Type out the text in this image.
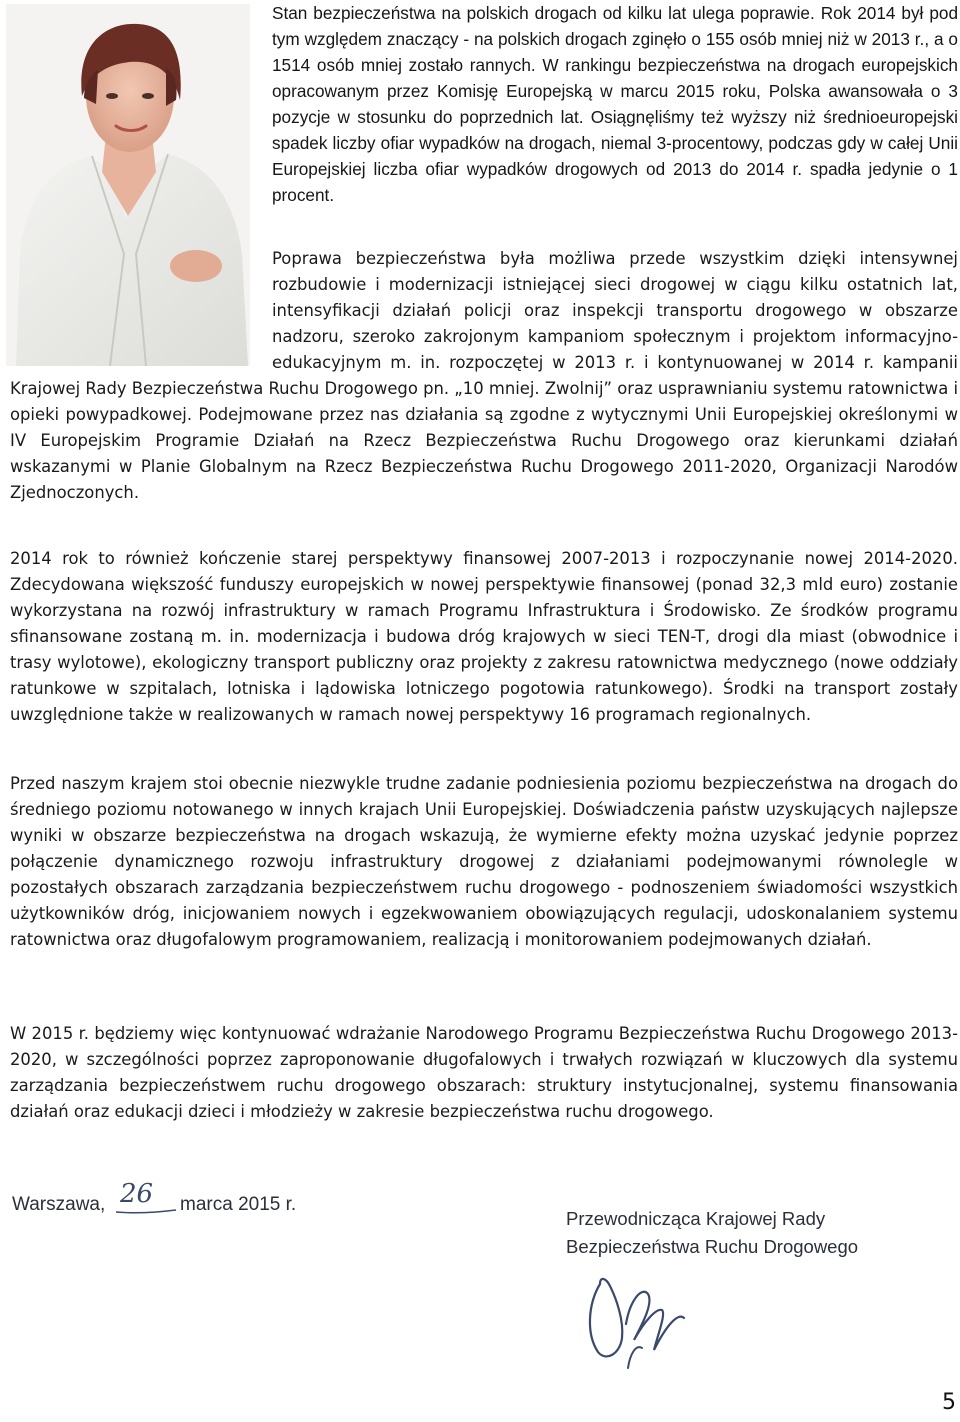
Stan bezpieczeństwa na polskich drogach od kilku lat ulega poprawie. Rok 2014 był pod tym względem znaczący - na polskich drogach zginęło o 155 osób mniej niż w 2013 r., a o 1514 osób mniej zostało rannych. W rankingu bezpieczeństwa na drogach europejskich opracowanym przez Komisję Europejską w marcu 2015 roku, Polska awansowała o 3 pozycje w stosunku do poprzednich lat. Osiągnęliśmy też wyższy niż średnioeuropejski spadek liczby ofiar wypadków na drogach, niemal 3-procentowy, podczas gdy w całej Unii Europejskiej liczba ofiar wypadków drogowych od 2013 do 2014 r. spadła jedynie o 1 procent.

Poprawa bezpieczeństwa była możliwa przede wszystkim dzięki intensywnej rozbudowie i modernizacji istniejącej sieci drogowej w ciągu kilku ostatnich lat, intensyfikacji działań policji oraz inspekcji transportu drogowego w obszarze nadzoru, szeroko zakrojonym kampaniom społecznym i projektom informacyjno-edukacyjnym m. in. rozpoczętej w 2013 r. i kontynuowanej w 2014 r. kampanii Krajowej Rady Bezpieczeństwa Ruchu Drogowego pn. „10 mniej. Zwolnij” oraz usprawnianiu systemu ratownictwa i opieki powypadkowej. Podejmowane przez nas działania są zgodne z wytycznymi Unii Europejskiej określonymi w IV Europejskim Programie Działań na Rzecz Bezpieczeństwa Ruchu Drogowego oraz kierunkami działań wskazanymi w Planie Globalnym na Rzecz Bezpieczeństwa Ruchu Drogowego 2011-2020, Organizacji Narodów Zjednoczonych.

2014 rok to również kończenie starej perspektywy finansowej 2007-2013 i rozpoczynanie nowej 2014-2020. Zdecydowana większość funduszy europejskich w nowej perspektywie finansowej (ponad 32,3 mld euro) zostanie wykorzystana na rozwój infrastruktury w ramach Programu Infrastruktura i Środowisko. Ze środków programu sfinansowane zostaną m. in. modernizacja i budowa dróg krajowych w sieci TEN-T, drogi dla miast (obwodnice i trasy wylotowe), ekologiczny transport publiczny oraz projekty z zakresu ratownictwa medycznego (nowe oddziały ratunkowe w szpitalach, lotniska i lądowiska lotniczego pogotowia ratunkowego). Środki na transport zostały uwzględnione także w realizowanych w ramach nowej perspektywy 16 programach regionalnych.

Przed naszym krajem stoi obecnie niezwykle trudne zadanie podniesienia poziomu bezpieczeństwa na drogach do średniego poziomu notowanego w innych krajach Unii Europejskiej. Doświadczenia państw uzyskujących najlepsze wyniki w obszarze bezpieczeństwa na drogach wskazują, że wymierne efekty można uzyskać jedynie poprzez połączenie dynamicznego rozwoju infrastruktury drogowej z działaniami podejmowanymi równolegle w pozostałych obszarach zarządzania bezpieczeństwem ruchu drogowego - podnoszeniem świadomości wszystkich użytkowników dróg, inicjowaniem nowych i egzekwowaniem obowiązujących regulacji, udoskonalaniem systemu ratownictwa oraz długofalowym programowaniem, realizacją i monitorowaniem podejmowanych działań.

W 2015 r. będziemy więc kontynuować wdrażanie Narodowego Programu Bezpieczeństwa Ruchu Drogowego 2013-2020, w szczególności poprzez zaproponowanie długofalowych i trwałych rozwiązań w kluczowych dla systemu zarządzania bezpieczeństwem ruchu drogowego obszarach: struktury instytucjonalnej, systemu finansowania działań oraz edukacji dzieci i młodzieży w zakresie bezpieczeństwa ruchu drogowego.

Warszawa, 26 marca 2015 r.
Przewodnicząca Krajowej Rady
Bezpieczeństwa Ruchu Drogowego
5
